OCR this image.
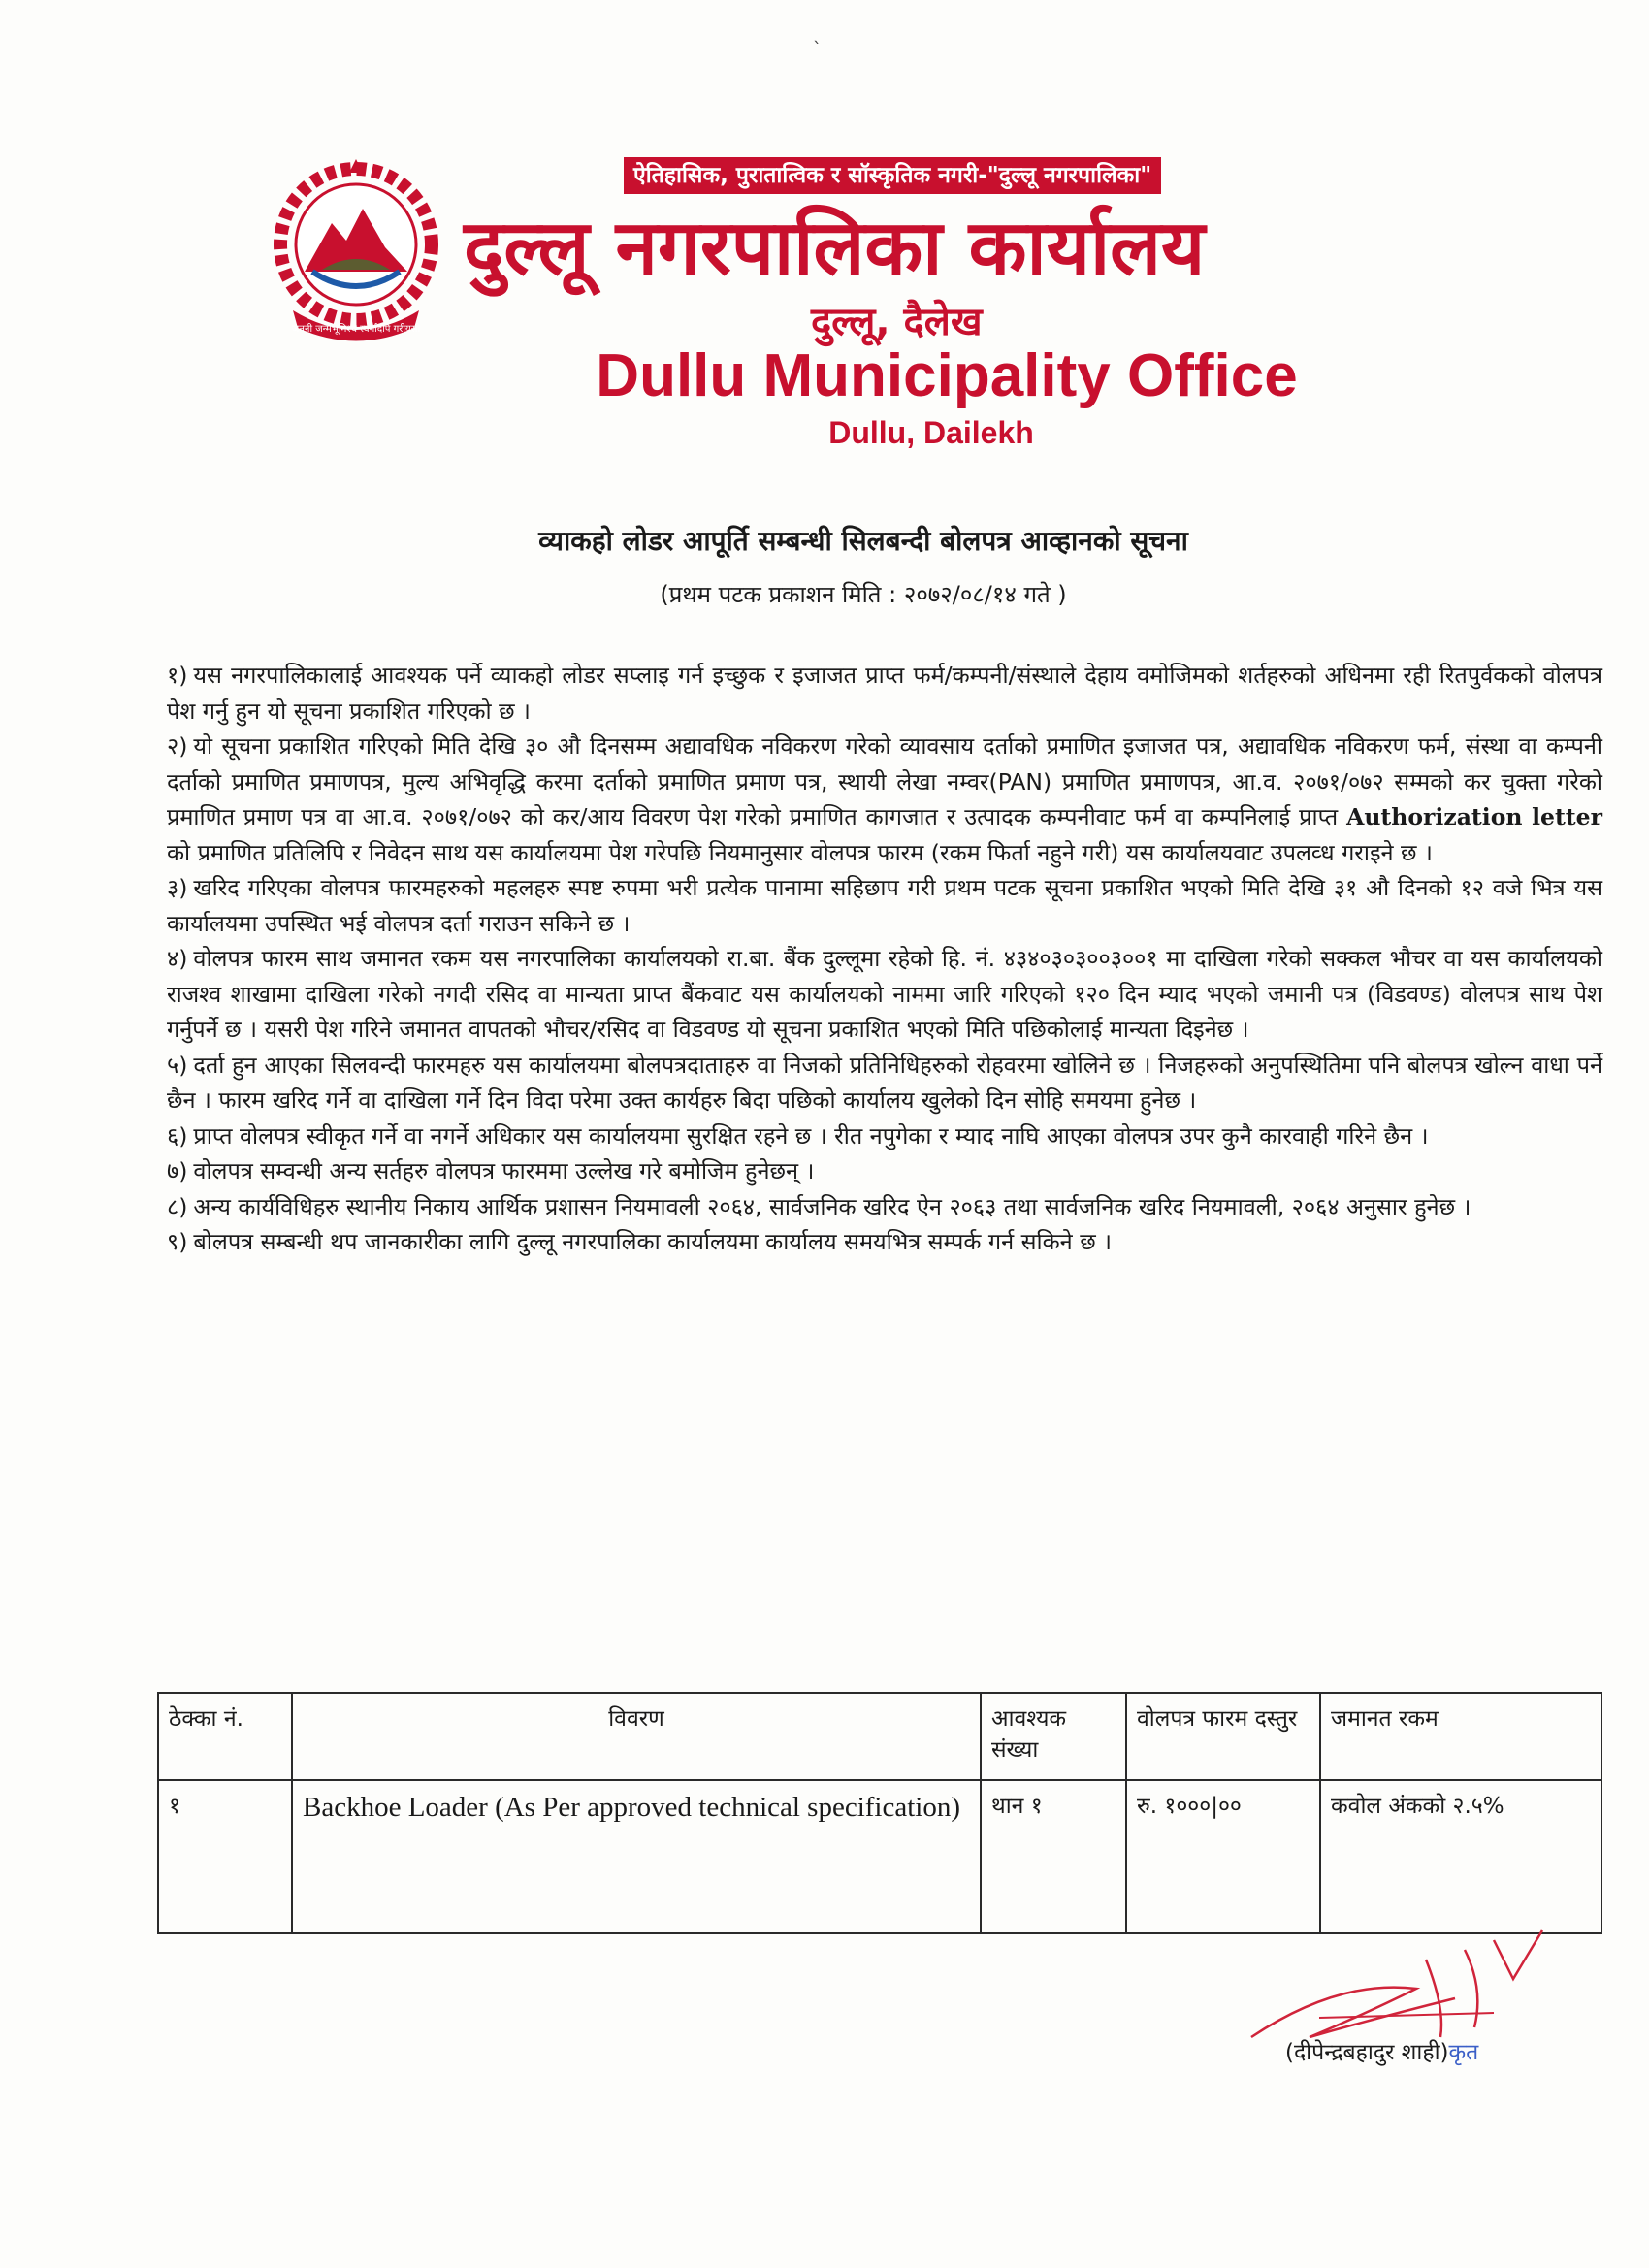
जननी जन्मभूमिश्च स्वर्गादपि गरीयसी
ऐतिहासिक, पुरातात्विक र सॉस्कृतिक नगरी-"दुल्लू नगरपालिका"
दुल्लू नगरपालिका कार्यालय
दुल्लू, दैलेख
Dullu Municipality Office
Dullu, Dailekh
व्याकहो लोडर आपूर्ति सम्बन्धी सिलबन्दी बोलपत्र आव्हानको सूचना
(प्रथम पटक प्रकाशन मिति : २०७२/०८/१४ गते )

१) यस नगरपालिकालाई आवश्यक पर्ने व्याकहो लोडर सप्लाइ गर्न इच्छुक र इजाजत प्राप्त फर्म/कम्पनी/संस्थाले देहाय वमोजिमको शर्तहरुको अधिनमा रही रितपुर्वकको वोलपत्र पेश गर्नु हुन यो सूचना प्रकाशित गरिएको छ ।

२) यो सूचना प्रकाशित गरिएको मिति देखि ३० औ दिनसम्म अद्यावधिक नविकरण गरेको व्यावसाय दर्ताको प्रमाणित इजाजत पत्र, अद्यावधिक नविकरण फर्म, संस्था वा कम्पनी दर्ताको प्रमाणित प्रमाणपत्र, मुल्य अभिवृद्धि करमा दर्ताको प्रमाणित प्रमाण पत्र, स्थायी लेखा नम्वर(PAN) प्रमाणित प्रमाणपत्र, आ.व. २०७१/०७२ सम्मको कर चुक्ता गरेको प्रमाणित प्रमाण पत्र वा आ.व. २०७१/०७२ को कर/आय विवरण पेश गरेको प्रमाणित कागजात र उत्पादक कम्पनीवाट फर्म वा कम्पनिलाई प्राप्त Authorization letter को प्रमाणित प्रतिलिपि र निवेदन साथ यस कार्यालयमा पेश गरेपछि नियमानुसार वोलपत्र फारम (रकम फिर्ता नहुने गरी) यस कार्यालयवाट उपलव्ध गराइने छ ।

३) खरिद गरिएका वोलपत्र फारमहरुको महलहरु स्पष्ट रुपमा भरी प्रत्येक पानामा सहिछाप गरी प्रथम पटक सूचना प्रकाशित भएको मिति देखि ३१ औ दिनको १२ वजे भित्र यस कार्यालयमा उपस्थित भई वोलपत्र दर्ता गराउन सकिने छ ।

४) वोलपत्र फारम साथ जमानत रकम यस नगरपालिका कार्यालयको रा.बा. बैंक दुल्लूमा रहेको हि. नं. ४३४०३०३००३००१ मा दाखिला गरेको सक्कल भौचर वा यस कार्यालयको राजश्व शाखामा दाखिला गरेको नगदी रसिद वा मान्यता प्राप्त बैंकवाट यस कार्यालयको नाममा जारि गरिएको १२० दिन म्याद भएको जमानी पत्र (विडवण्ड) वोलपत्र साथ पेश गर्नुपर्ने छ । यसरी पेश गरिने जमानत वापतको भौचर/रसिद वा विडवण्ड यो सूचना प्रकाशित भएको मिति पछिकोलाई मान्यता दिइनेछ ।

५) दर्ता हुन आएका सिलवन्दी फारमहरु यस कार्यालयमा बोलपत्रदाताहरु वा निजको प्रतिनिधिहरुको रोहवरमा खोलिने छ । निजहरुको अनुपस्थितिमा पनि बोलपत्र खोल्न वाधा पर्ने छैन । फारम खरिद गर्ने वा दाखिला गर्ने दिन विदा परेमा उक्त कार्यहरु बिदा पछिको कार्यालय खुलेको दिन सोहि समयमा हुनेछ ।

६) प्राप्त वोलपत्र स्वीकृत गर्ने वा नगर्ने अधिकार यस कार्यालयमा सुरक्षित रहने छ । रीत नपुगेका र म्याद नाघि आएका वोलपत्र उपर कुनै कारवाही गरिने छैन ।

७) वोलपत्र सम्वन्धी अन्य सर्तहरु वोलपत्र फारममा उल्लेख गरे बमोजिम हुनेछन् ।

८) अन्य कार्यविधिहरु स्थानीय निकाय आर्थिक प्रशासन नियमावली २०६४, सार्वजनिक खरिद ऐन २०६३ तथा सार्वजनिक खरिद नियमावली, २०६४ अनुसार हुनेछ ।

९) बोलपत्र सम्बन्धी थप जानकारीका लागि दुल्लू नगरपालिका कार्यालयमा कार्यालय समयभित्र सम्पर्क गर्न सकिने छ ।

ठेक्का नं.	विवरण	आवश्यक संख्या	वोलपत्र फारम दस्तुर	जमानत रकम
१	Backhoe Loader (As Per approved technical specification)	थान १	रु. १०००|००	कवोल अंकको २.५%
(दीपेन्द्रबहादुर शाही)कृत
`
